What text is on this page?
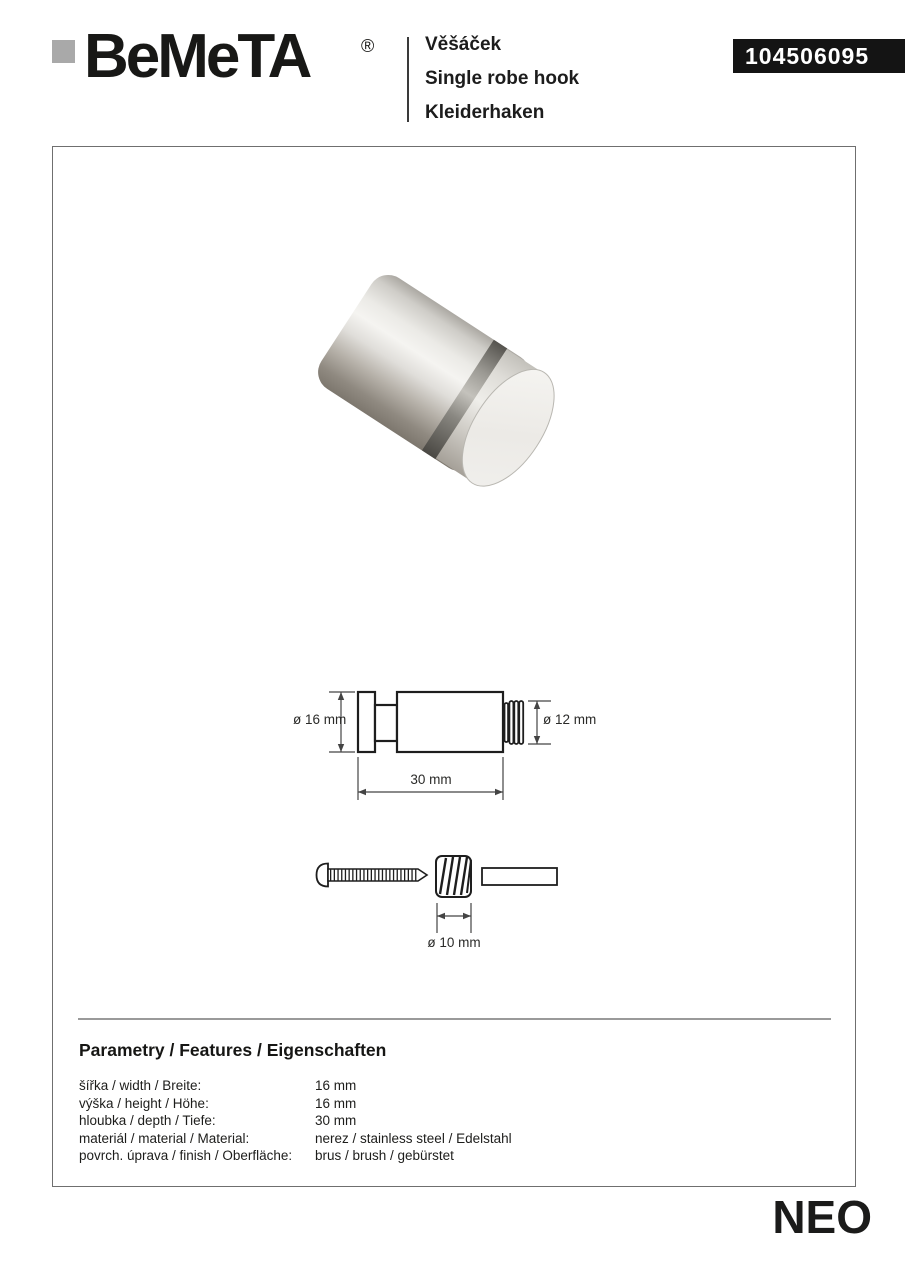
BeMeTA	®	Věšáček
Single robe hook
Kleiderhaken
104506095
ø 16 mm	ø 12 mm
30 mm
ø 10 mm
Parametry / Features / Eigenschaften
šířka / width / Breite:	16 mm
výška / height / Höhe:	16 mm
hloubka / depth / Tiefe:	30 mm
materiál / material / Material:	nerez / stainless steel / Edelstahl
povrch. úprava / finish / Oberfläche:	brus / brush / gebürstet
NEO
